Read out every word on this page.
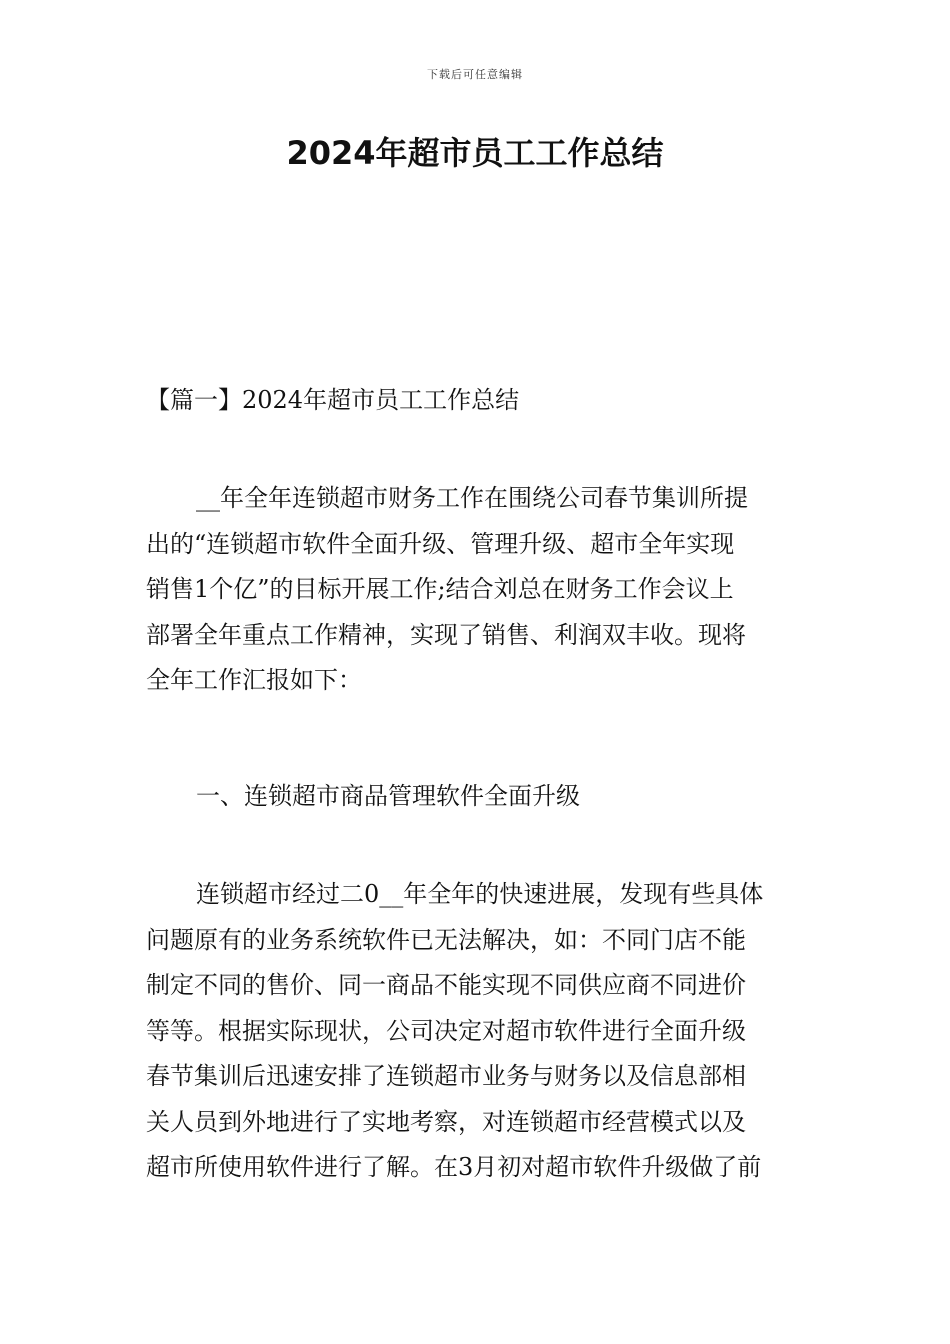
下载后可任意编辑
2024年超市员工工作总结
【篇一】2024年超市员工工作总结
__年全年连锁超市财务工作在围绕公司春节集训所提
出的“连锁超市软件全面升级、管理升级、超市全年实现
销售1个亿”的目标开展工作;结合刘总在财务工作会议上
部署全年重点工作精神，实现了销售、利润双丰收。现将
全年工作汇报如下：
一、连锁超市商品管理软件全面升级
连锁超市经过二0__年全年的快速进展，发现有些具体
问题原有的业务系统软件已无法解决，如：不同门店不能
制定不同的售价、同一商品不能实现不同供应商不同进价
等等。根据实际现状，公司决定对超市软件进行全面升级
春节集训后迅速安排了连锁超市业务与财务以及信息部相
关人员到外地进行了实地考察，对连锁超市经营模式以及
超市所使用软件进行了解。在3月初对超市软件升级做了前
